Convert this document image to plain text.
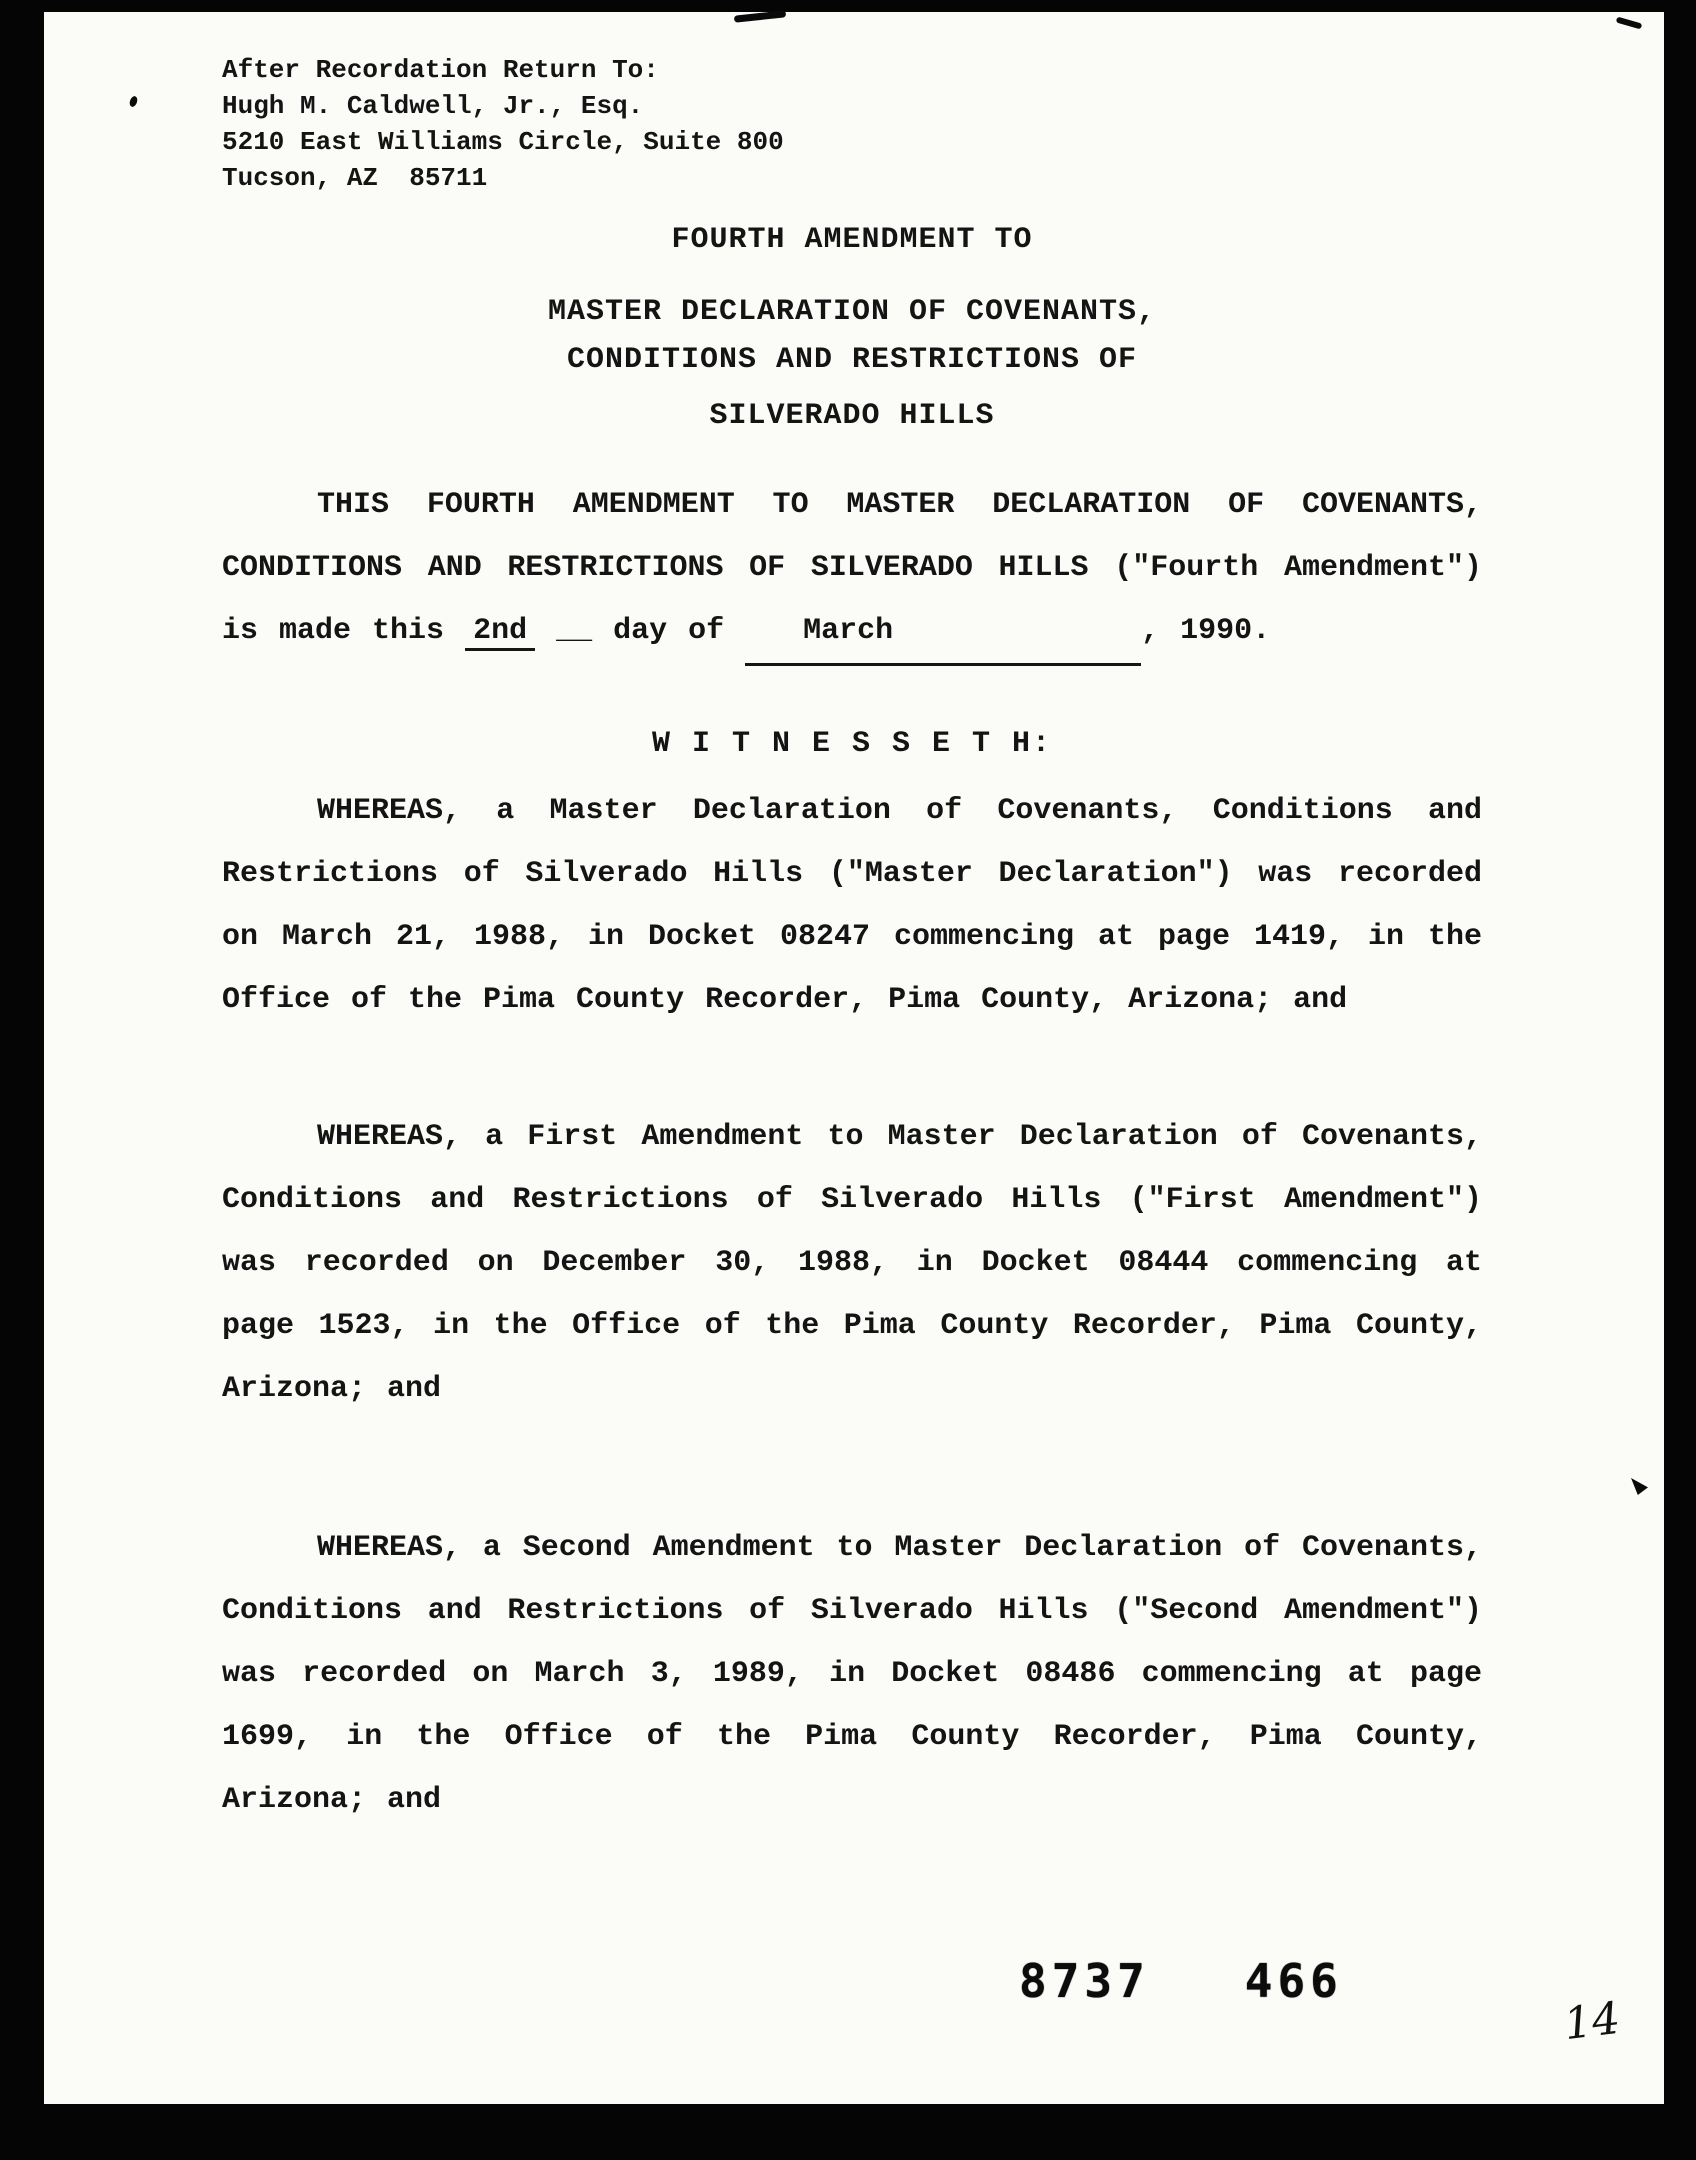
After Recordation Return To:
Hugh M. Caldwell, Jr., Esq.
5210 East Williams Circle, Suite 800
Tucson, AZ  85711
FOURTH AMENDMENT TO
MASTER DECLARATION OF COVENANTS,
CONDITIONS AND RESTRICTIONS OF
SILVERADO HILLS

THIS FOURTH AMENDMENT TO MASTER DECLARATION OF COVENANTS, CONDITIONS AND RESTRICTIONS OF SILVERADO HILLS ("Fourth Amendment") is made this 2nd __ day of	March	, 1990.

W I T N E S S E T H:

WHEREAS, a Master Declaration of Covenants, Conditions and Restrictions of Silverado Hills ("Master Declaration") was recorded on March 21, 1988, in Docket 08247 commencing at page 1419, in the Office of the Pima County Recorder, Pima County, Arizona; and

WHEREAS, a First Amendment to Master Declaration of Covenants, Conditions and Restrictions of Silverado Hills ("First Amendment") was recorded on December 30, 1988, in Docket 08444 commencing at page 1523, in the Office of the Pima County Recorder, Pima County, Arizona; and

WHEREAS, a Second Amendment to Master Declaration of Covenants, Conditions and Restrictions of Silverado Hills ("Second Amendment") was recorded on March 3, 1989, in Docket 08486 commencing at page 1699, in the Office of the Pima County Recorder, Pima County, Arizona; and

8737 466
14
